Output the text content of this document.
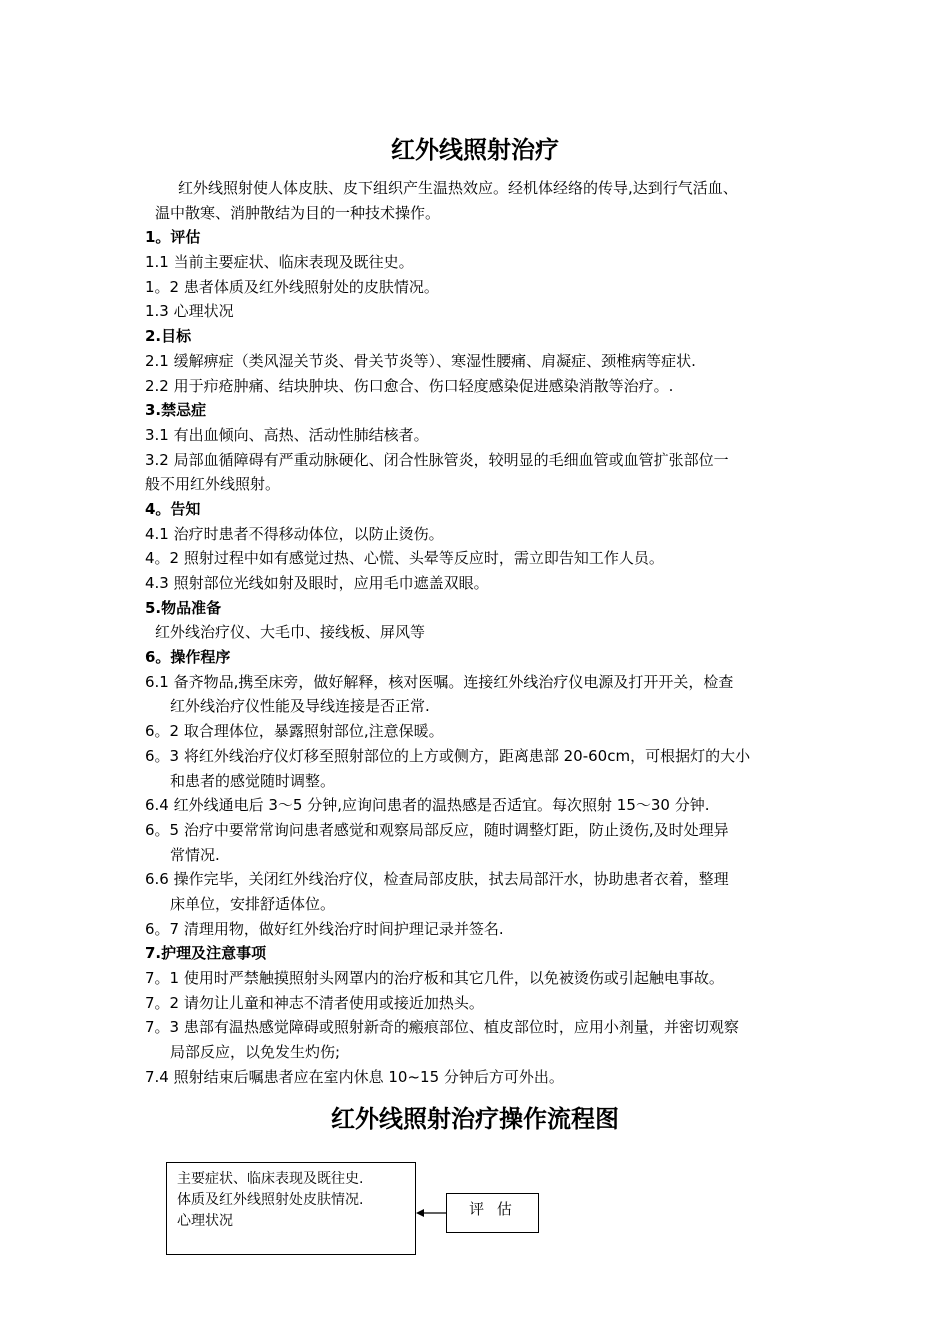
红外线照射治疗
红外线照射使人体皮肤、皮下组织产生温热效应。经机体经络的传导,达到行气活血、
温中散寒、消肿散结为目的一种技术操作。
1。评估
1.1 当前主要症状、临床表现及既往史。
1。2 患者体质及红外线照射处的皮肤情况。
1.3 心理状况
2.目标
2.1 缓解痹症（类风湿关节炎、骨关节炎等）、寒湿性腰痛、肩凝症、颈椎病等症状.
2.2 用于疖疮肿痛、结块肿块、伤口愈合、伤口轻度感染促进感染消散等治疗。.
3.禁忌症
3.1 有出血倾向、高热、活动性肺结核者。
3.2 局部血循障碍有严重动脉硬化、闭合性脉管炎，较明显的毛细血管或血管扩张部位一
般不用红外线照射。
4。告知
4.1 治疗时患者不得移动体位，以防止烫伤。
4。2 照射过程中如有感觉过热、心慌、头晕等反应时，需立即告知工作人员。
4.3 照射部位光线如射及眼时，应用毛巾遮盖双眼。
5.物品准备
红外线治疗仪、大毛巾、接线板、屏风等
6。操作程序
6.1 备齐物品,携至床旁，做好解释，核对医嘱。连接红外线治疗仪电源及打开开关，检查
红外线治疗仪性能及导线连接是否正常.
6。2 取合理体位，暴露照射部位,注意保暖。
6。3 将红外线治疗仪灯移至照射部位的上方或侧方，距离患部 20-60cm，可根据灯的大小
和患者的感觉随时调整。
6.4 红外线通电后 3～5 分钟,应询问患者的温热感是否适宜。每次照射 15～30 分钟.
6。5 治疗中要常常询问患者感觉和观察局部反应，随时调整灯距，防止烫伤,及时处理异
常情况.
6.6 操作完毕，关闭红外线治疗仪，检查局部皮肤，拭去局部汗水，协助患者衣着，整理
床单位，安排舒适体位。
6。7 清理用物，做好红外线治疗时间护理记录并签名.
7.护理及注意事项
7。1 使用时严禁触摸照射头网罩内的治疗板和其它几件，以免被烫伤或引起触电事故。
7。2 请勿让儿童和神志不清者使用或接近加热头。
7。3 患部有温热感觉障碍或照射新奇的瘢痕部位、植皮部位时，应用小剂量，并密切观察
局部反应，以免发生灼伤;
7.4 照射结束后嘱患者应在室内休息 10~15 分钟后方可外出。
红外线照射治疗操作流程图
主要症状、临床表现及既往史.
体质及红外线照射处皮肤情况.
心理状况
评 估
